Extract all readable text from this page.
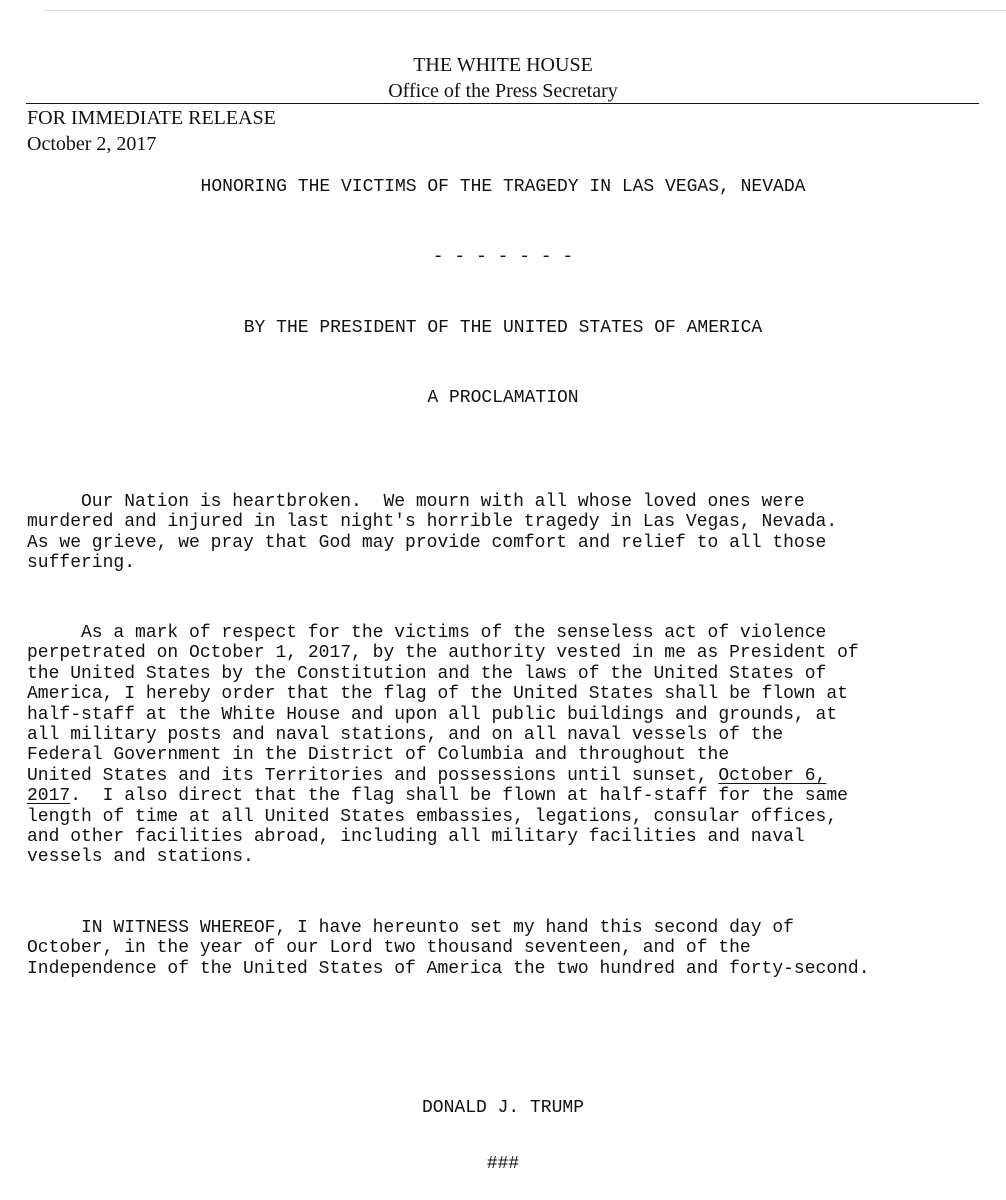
THE WHITE HOUSE
Office of the Press Secretary
FOR IMMEDIATE RELEASE
October 2, 2017
HONORING THE VICTIMS OF THE TRAGEDY IN LAS VEGAS, NEVADA
- - - - - - -
BY THE PRESIDENT OF THE UNITED STATES OF AMERICA
A PROCLAMATION
Our Nation is heartbroken.  We mourn with all whose loved ones were
murdered and injured in last night's horrible tragedy in Las Vegas, Nevada.
As we grieve, we pray that God may provide comfort and relief to all those
suffering.
As a mark of respect for the victims of the senseless act of violence
perpetrated on October 1, 2017, by the authority vested in me as President of
the United States by the Constitution and the laws of the United States of
America, I hereby order that the flag of the United States shall be flown at
half-staff at the White House and upon all public buildings and grounds, at
all military posts and naval stations, and on all naval vessels of the
Federal Government in the District of Columbia and throughout the
United States and its Territories and possessions until sunset, October 6,
2017.  I also direct that the flag shall be flown at half-staff for the same
length of time at all United States embassies, legations, consular offices,
and other facilities abroad, including all military facilities and naval
vessels and stations.
IN WITNESS WHEREOF, I have hereunto set my hand this second day of
October, in the year of our Lord two thousand seventeen, and of the
Independence of the United States of America the two hundred and forty-second.
DONALD J. TRUMP
###
